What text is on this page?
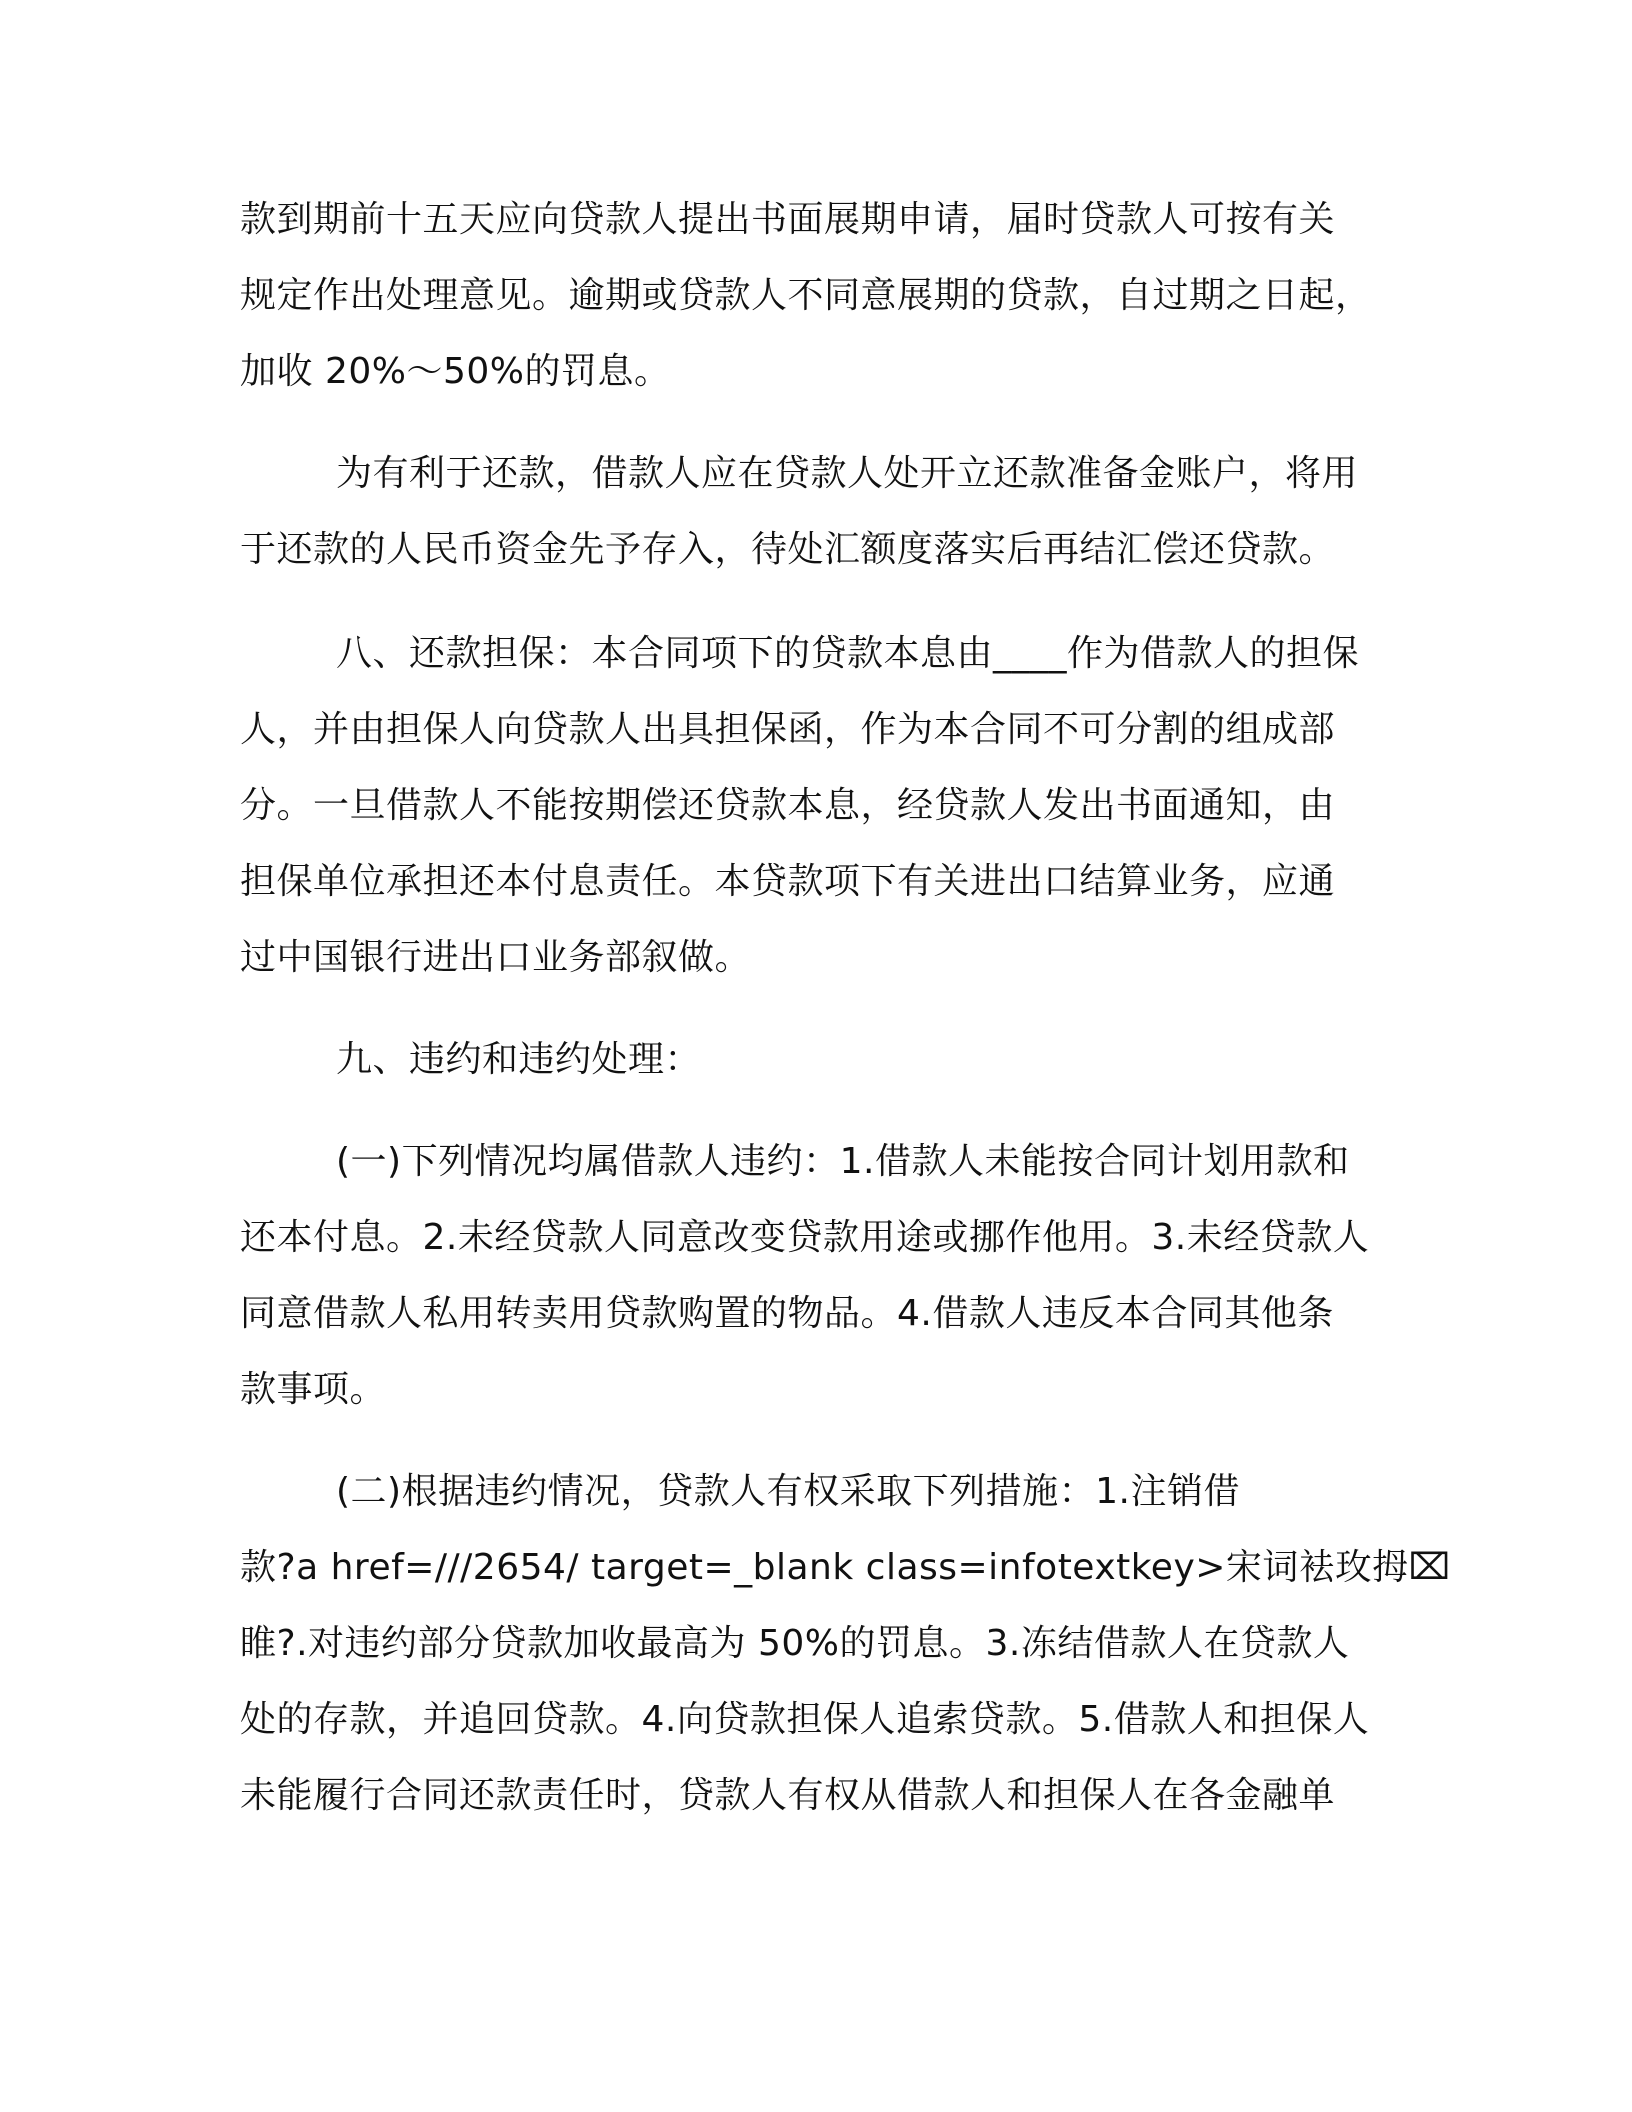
款到期前十五天应向贷款人提出书面展期申请，届时贷款人可按有关
规定作出处理意见。逾期或贷款人不同意展期的贷款，自过期之日起，
加收 20%～50%的罚息。
为有利于还款，借款人应在贷款人处开立还款准备金账户，将用
于还款的人民币资金先予存入，待处汇额度落实后再结汇偿还贷款。
八、还款担保：本合同项下的贷款本息由____作为借款人的担保
人，并由担保人向贷款人出具担保函，作为本合同不可分割的组成部
分。一旦借款人不能按期偿还贷款本息，经贷款人发出书面通知，由
担保单位承担还本付息责任。本贷款项下有关进出口结算业务，应通
过中国银行进出口业务部叙做。
九、违约和违约处理：
(一)下列情况均属借款人违约：1.借款人未能按合同计划用款和
还本付息。2.未经贷款人同意改变贷款用途或挪作他用。3.未经贷款人
同意借款人私用转卖用贷款购置的物品。4.借款人违反本合同其他条
款事项。
(二)根据违约情况，贷款人有权采取下列措施：1.注销借
款?a href=///2654/ target=_blank class=infotextkey>宋词袪玫拇⌧
睢?.对违约部分贷款加收最高为 50%的罚息。3.冻结借款人在贷款人
处的存款，并追回贷款。4.向贷款担保人追索贷款。5.借款人和担保人
未能履行合同还款责任时，贷款人有权从借款人和担保人在各金融单
